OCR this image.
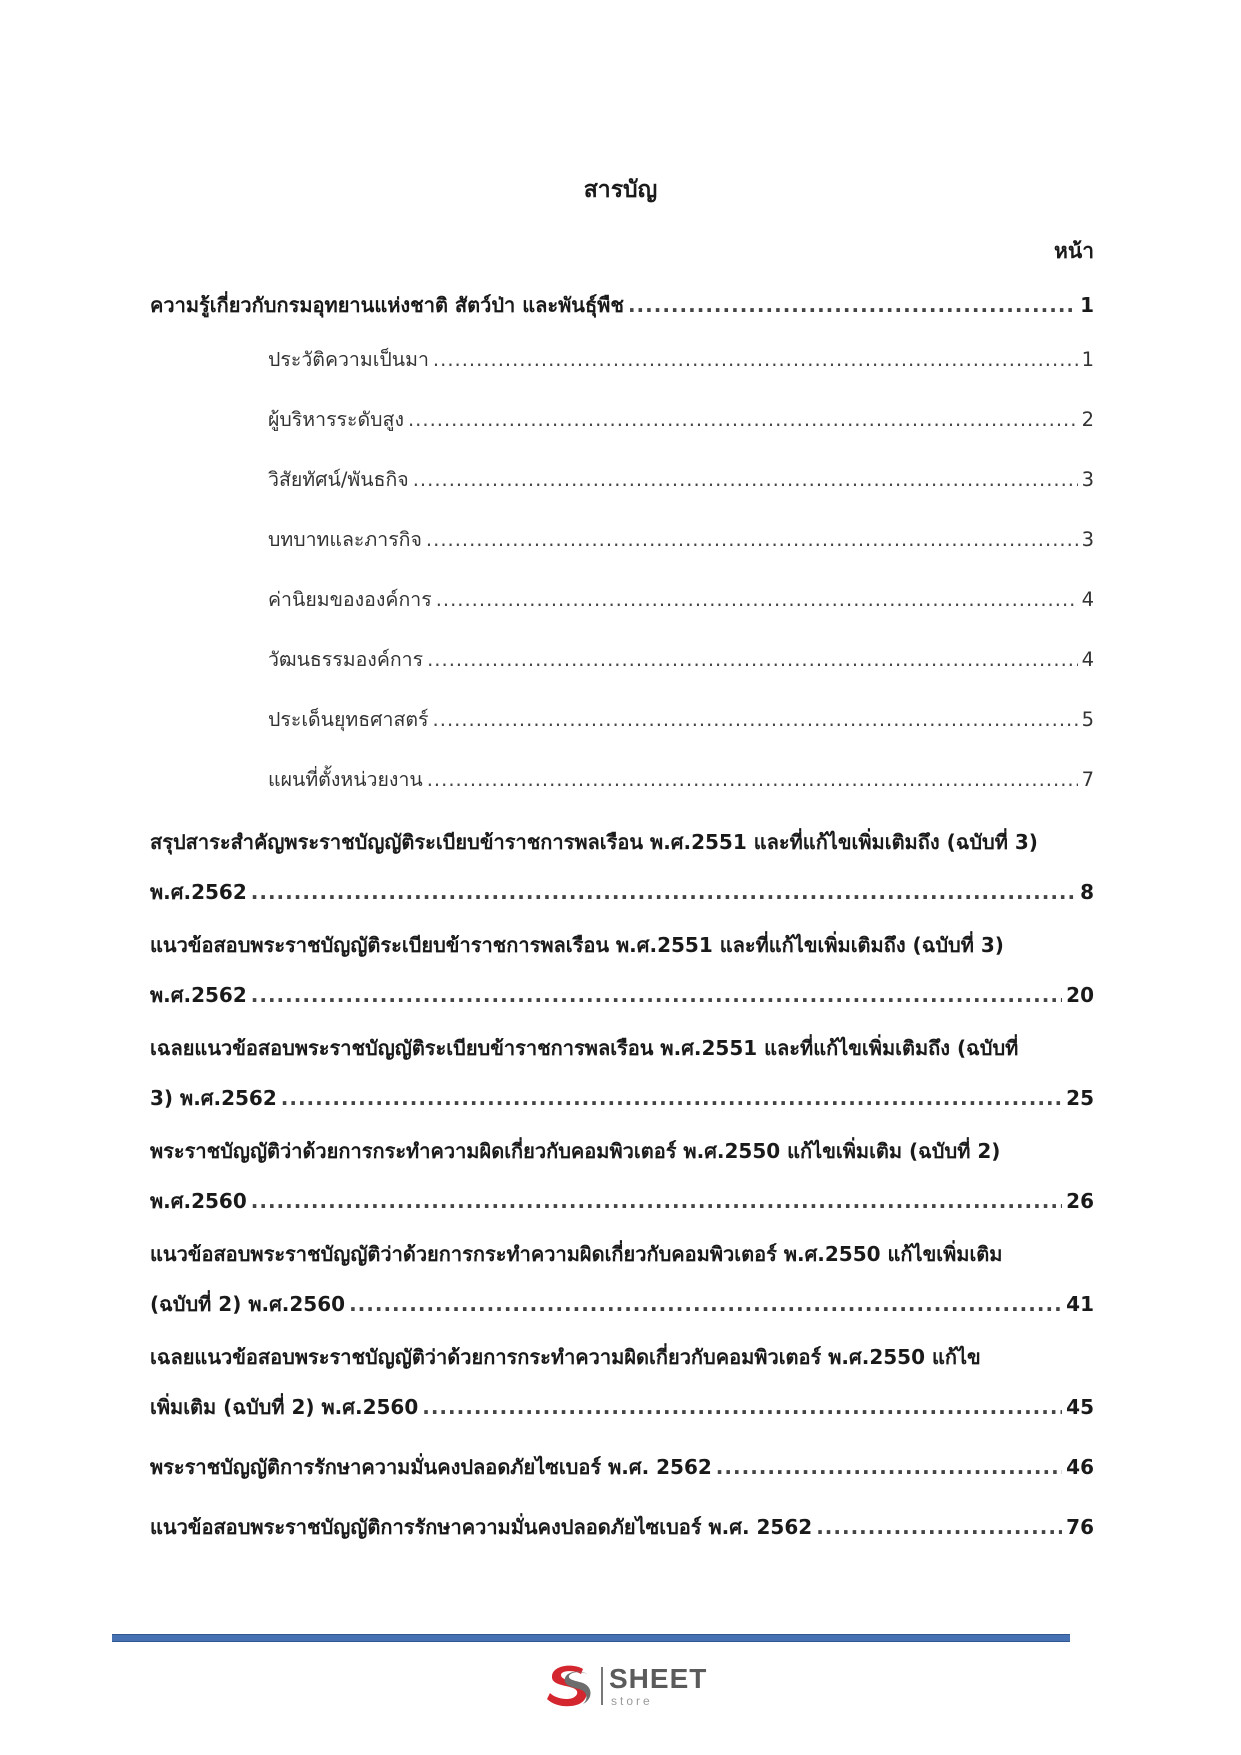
สารบัญ
หน้า
ความรู้เกี่ยวกับกรมอุทยานแห่งชาติ สัตว์ป่า และพันธุ์พืช .....	1
ประวัติความเป็นมา .....	1
ผู้บริหารระดับสูง .....	2
วิสัยทัศน์/พันธกิจ .....	3
บทบาทและภารกิจ .....	3
ค่านิยมขององค์การ .....	4
วัฒนธรรมองค์การ .....	4
ประเด็นยุทธศาสตร์ .....	5
แผนที่ตั้งหน่วยงาน .....	7
สรุปสาระสำคัญพระราชบัญญัติระเบียบข้าราชการพลเรือน พ.ศ.2551 และที่แก้ไขเพิ่มเติมถึง (ฉบับที่ 3)
พ.ศ.2562 .....	8
แนวข้อสอบพระราชบัญญัติระเบียบข้าราชการพลเรือน พ.ศ.2551 และที่แก้ไขเพิ่มเติมถึง (ฉบับที่ 3)
พ.ศ.2562 .....	20
เฉลยแนวข้อสอบพระราชบัญญัติระเบียบข้าราชการพลเรือน พ.ศ.2551 และที่แก้ไขเพิ่มเติมถึง (ฉบับที่
3) พ.ศ.2562 .....	25
พระราชบัญญัติว่าด้วยการกระทำความผิดเกี่ยวกับคอมพิวเตอร์ พ.ศ.2550 แก้ไขเพิ่มเติม (ฉบับที่ 2)
พ.ศ.2560 .....	26
แนวข้อสอบพระราชบัญญัติว่าด้วยการกระทำความผิดเกี่ยวกับคอมพิวเตอร์ พ.ศ.2550 แก้ไขเพิ่มเติม
(ฉบับที่ 2) พ.ศ.2560 .....	41
เฉลยแนวข้อสอบพระราชบัญญัติว่าด้วยการกระทำความผิดเกี่ยวกับคอมพิวเตอร์ พ.ศ.2550 แก้ไข
เพิ่มเติม (ฉบับที่ 2) พ.ศ.2560 .....	45
พระราชบัญญัติการรักษาความมั่นคงปลอดภัยไซเบอร์ พ.ศ. 2562 .....	46
แนวข้อสอบพระราชบัญญัติการรักษาความมั่นคงปลอดภัยไซเบอร์ พ.ศ. 2562 .....	76
SHEET
store
